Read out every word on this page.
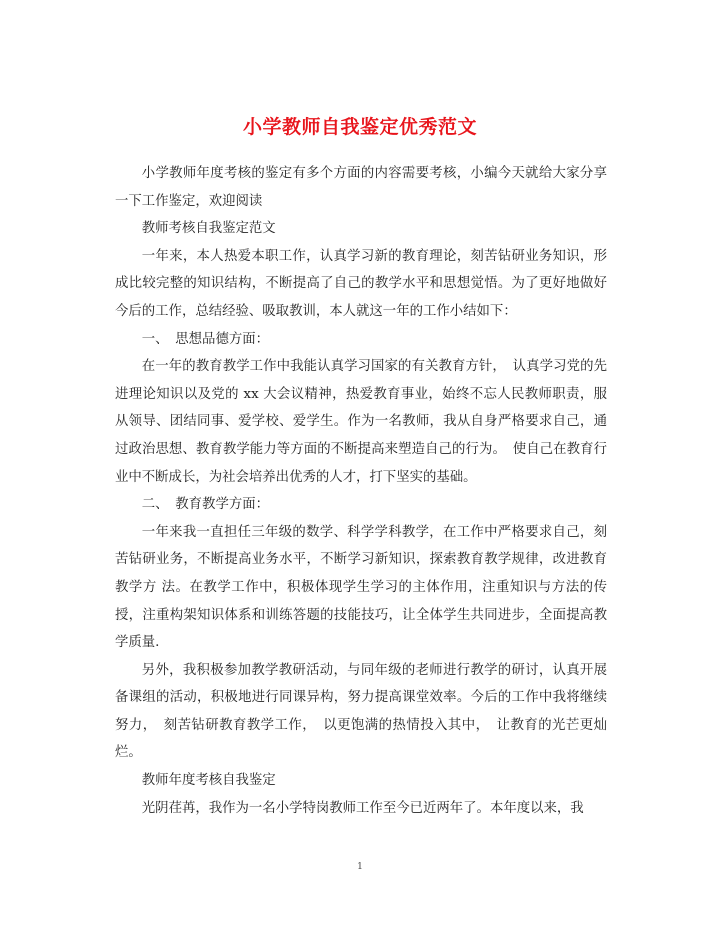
小学教师自我鉴定优秀范文

小学教师年度考核的鉴定有多个方面的内容需要考核，小编今天就给大家分享一下工作鉴定，欢迎阅读

教师考核自我鉴定范文

一年来，本人热爱本职工作，认真学习新的教育理论，刻苦钻研业务知识，形成比较完整的知识结构，不断提高了自己的教学水平和思想觉悟。为了更好地做好今后的工作，总结经验、吸取教训，本人就这一年的工作小结如下：

一、　思想品德方面：

在一年的教育教学工作中我能认真学习国家的有关教育方针，　认真学习党的先进理论知识以及党的 xx 大会议精神，热爱教育事业，始终不忘人民教师职责，服从领导、团结同事、爱学校、爱学生。作为一名教师，我从自身严格要求自己，通过政治思想、教育教学能力等方面的不断提高来塑造自己的行为。　使自己在教育行业中不断成长，为社会培养出优秀的人才，打下坚实的基础。

二、　教育教学方面：

一年来我一直担任三年级的数学、科学学科教学，在工作中严格要求自己，刻苦钻研业务，不断提高业务水平，不断学习新知识，探索教育教学规律，改进教育教学方 法。在教学工作中，积极体现学生学习的主体作用，注重知识与方法的传授，注重构架知识体系和训练答题的技能技巧，让全体学生共同进步，全面提高教学质量.

另外，我积极参加教学教研活动，与同年级的老师进行教学的研讨，认真开展备课组的活动，积极地进行同课异构，努力提高课堂效率。今后的工作中我将继续努力，　刻苦钻研教育教学工作，　以更饱满的热情投入其中，　让教育的光芒更灿烂。

教师年度考核自我鉴定

光阴荏苒，我作为一名小学特岗教师工作至今已近两年了。本年度以来，我

1
